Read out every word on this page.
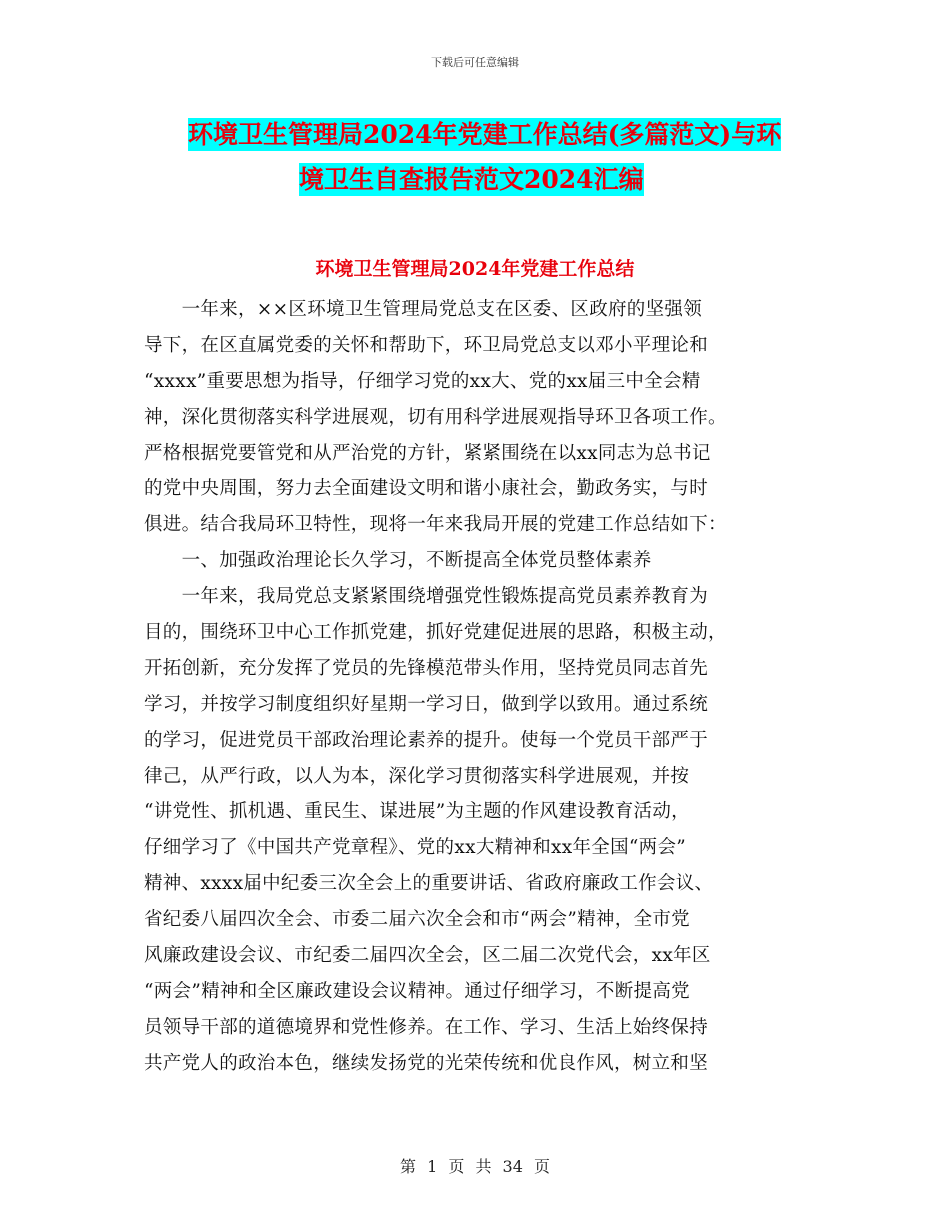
下载后可任意编辑
环境卫生管理局2024年党建工作总结(多篇范文)与环
境卫生自查报告范文2024汇编
环境卫生管理局2024年党建工作总结
　　一年来，××区环境卫生管理局党总支在区委、区政府的坚强领
导下，在区直属党委的关怀和帮助下，环卫局党总支以邓小平理论和
“xxxx”重要思想为指导，仔细学习党的xx大、党的xx届三中全会精
神，深化贯彻落实科学进展观，切有用科学进展观指导环卫各项工作。
严格根据党要管党和从严治党的方针，紧紧围绕在以xx同志为总书记
的党中央周围，努力去全面建设文明和谐小康社会，勤政务实，与时
俱进。结合我局环卫特性，现将一年来我局开展的党建工作总结如下：
　　一、加强政治理论长久学习，不断提高全体党员整体素养
　　一年来，我局党总支紧紧围绕增强党性锻炼提高党员素养教育为
目的，围绕环卫中心工作抓党建，抓好党建促进展的思路，积极主动，
开拓创新，充分发挥了党员的先锋模范带头作用，坚持党员同志首先
学习，并按学习制度组织好星期一学习日，做到学以致用。通过系统
的学习，促进党员干部政治理论素养的提升。使每一个党员干部严于
律己，从严行政，以人为本，深化学习贯彻落实科学进展观，并按
“讲党性、抓机遇、重民生、谋进展”为主题的作风建设教育活动，
仔细学习了《中国共产党章程》、党的xx大精神和xx年全国“两会”
精神、xxxx届中纪委三次全会上的重要讲话、省政府廉政工作会议、
省纪委八届四次全会、市委二届六次全会和市“两会”精神，全市党
风廉政建设会议、市纪委二届四次全会，区二届二次党代会，xx年区
“两会”精神和全区廉政建设会议精神。通过仔细学习，不断提高党
员领导干部的道德境界和党性修养。在工作、学习、生活上始终保持
共产党人的政治本色，继续发扬党的光荣传统和优良作风，树立和坚
第 1 页 共 34 页
